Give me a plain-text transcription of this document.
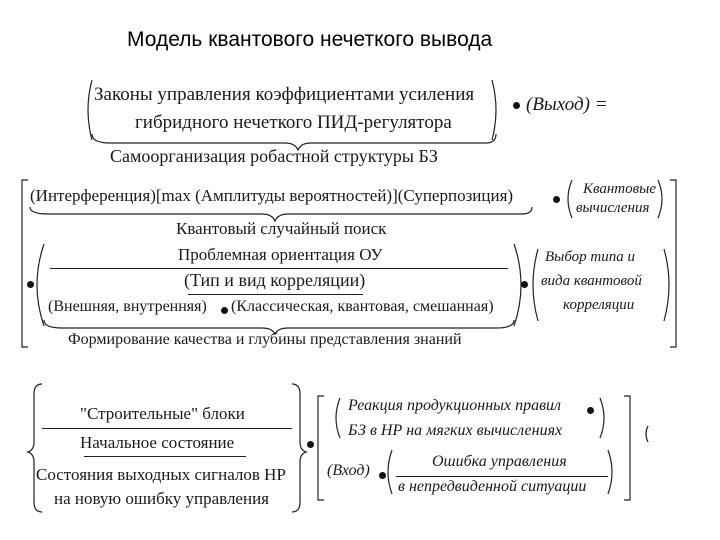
Модель квантового нечеткого вывода
Законы управления коэффициентами усиления
гибридного нечеткого ПИД-регулятора
(Выход) =
Самоорганизация робастной структуры БЗ
(Интерференция)[max (Амплитуды вероятностей)](Суперпозиция)
Квантовый случайный поиск
Квантовые
вычисления
Проблемная ориентация ОУ
(Тип и вид корреляции)
(Внешняя, внутренняя) (Классическая, квантовая, смешанная)
Выбор типа и
вида квантовой
корреляции
Формирование качества и глубины представления знаний
"Строительные" блоки
Начальное состояние
Состояния выходных сигналов НР
на новую ошибку управления
Реакция продукционных правил
БЗ в НР на мягких вычислениях
(Вход)
Ошибка управления
в непредвиденной ситуации
